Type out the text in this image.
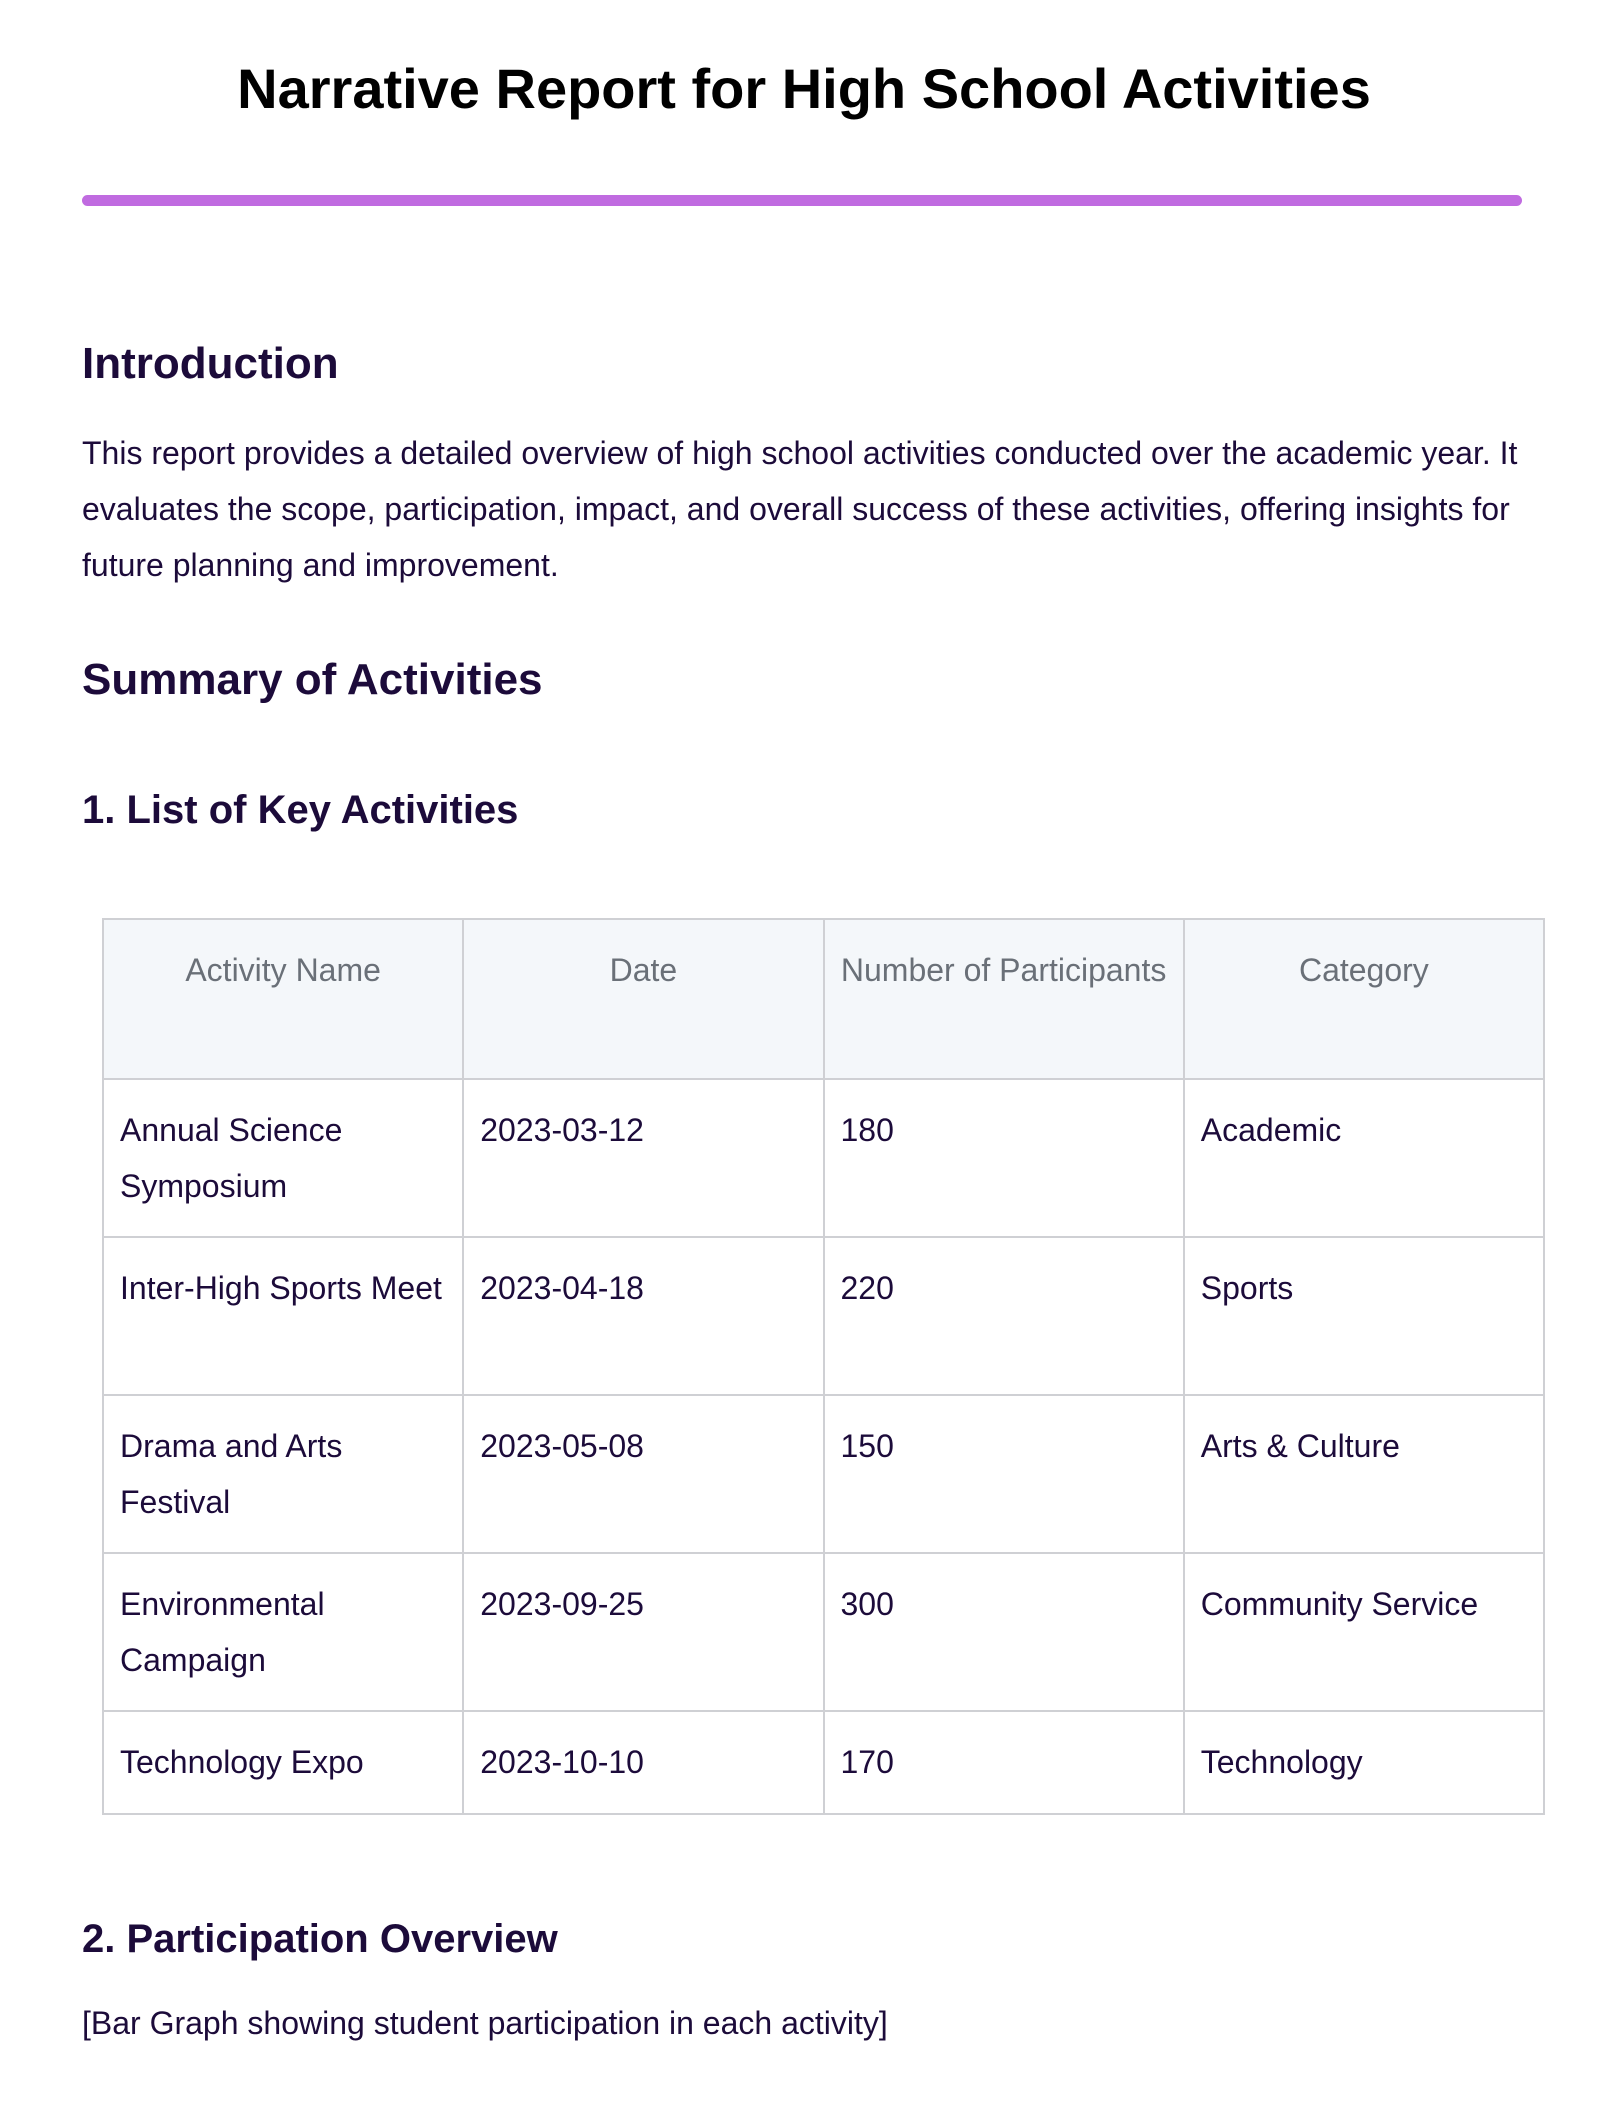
Narrative Report for High School Activities
Introduction

This report provides a detailed overview of high school activities conducted over the academic year. It evaluates the scope, participation, impact, and overall success of these activities, offering insights for future planning and improvement.

Summary of Activities
1. List of Key Activities
Activity Name	Date	Number of Participants	Category
Annual Science Symposium	2023-03-12	180	Academic
Inter-High Sports Meet	2023-04-18	220	Sports
Drama and Arts Festival	2023-05-08	150	Arts & Culture
Environmental Campaign	2023-09-25	300	Community Service
Technology Expo	2023-10-10	170	Technology
2. Participation Overview

[Bar Graph showing student participation in each activity]
